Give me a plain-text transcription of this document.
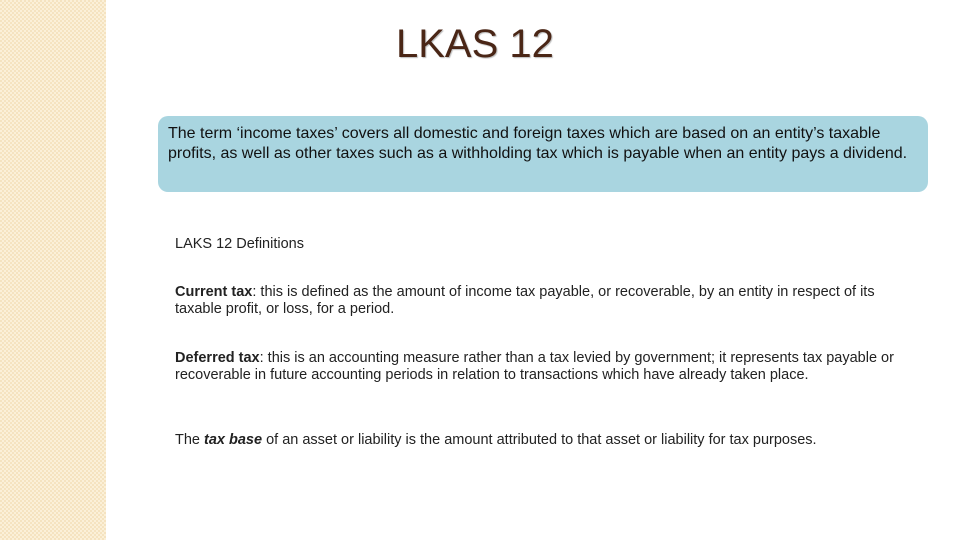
LKAS 12
The term ‘income taxes’ covers all domestic and foreign taxes which are based on an entity’s taxable profits, as well as other taxes such as a withholding tax which is payable when an entity pays a dividend.
LAKS 12 Definitions
Current tax: this is defined as the amount of income tax payable, or recoverable, by an entity in respect of its taxable profit, or loss, for a period.
Deferred tax: this is an accounting measure rather than a tax levied by government; it represents tax payable or recoverable in future accounting periods in relation to transactions which have already taken place.
The tax base of an asset or liability is the amount attributed to that asset or liability for tax purposes.
